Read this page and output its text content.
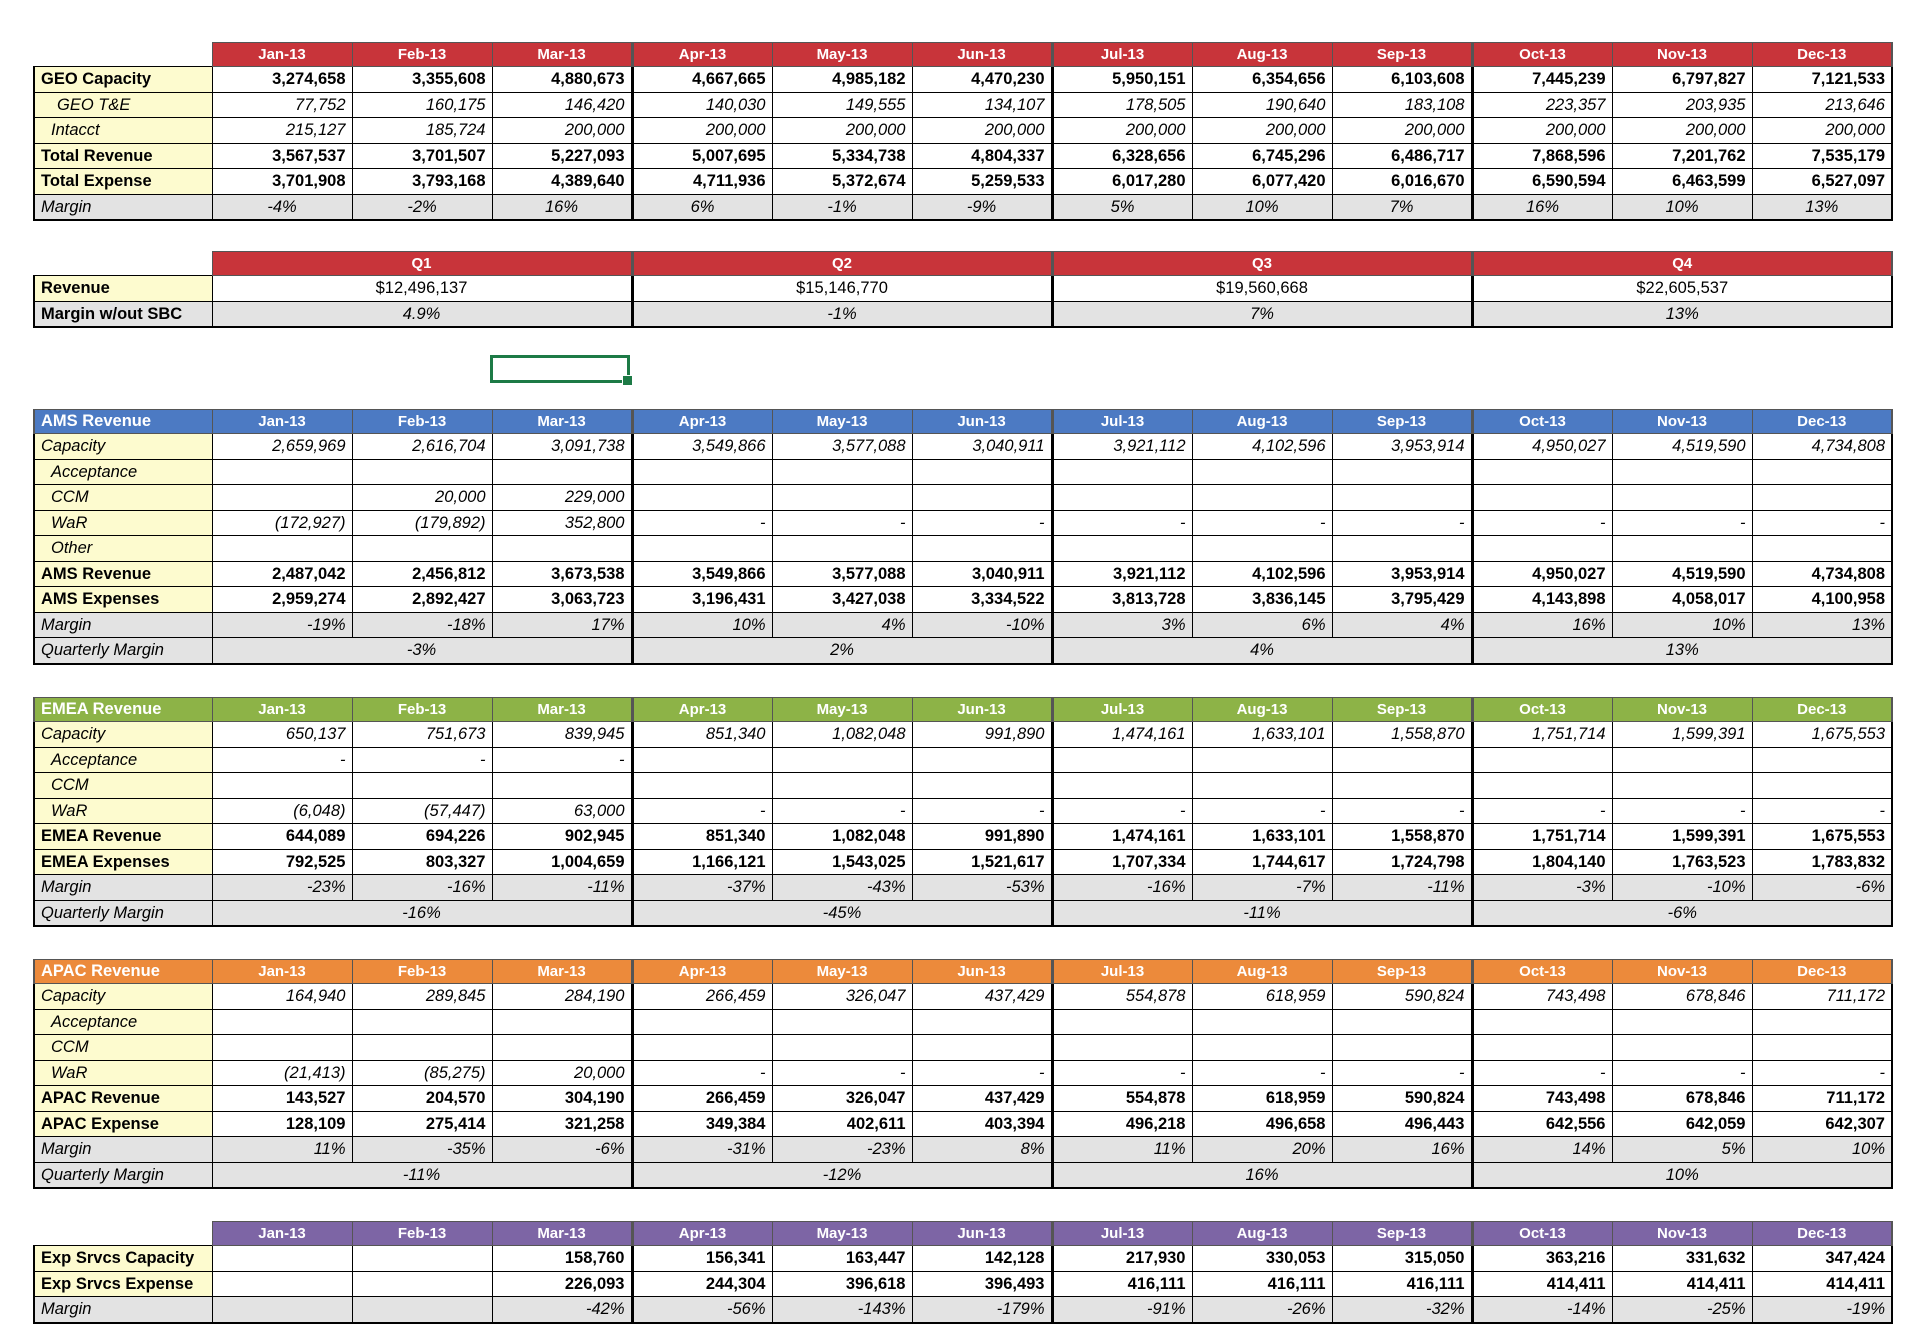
	Jan-13	Feb-13	Mar-13	Apr-13	May-13	Jun-13	Jul-13	Aug-13	Sep-13	Oct-13	Nov-13	Dec-13
GEO Capacity	3,274,658	3,355,608	4,880,673	4,667,665	4,985,182	4,470,230	5,950,151	6,354,656	6,103,608	7,445,239	6,797,827	7,121,533
GEO T&E	77,752	160,175	146,420	140,030	149,555	134,107	178,505	190,640	183,108	223,357	203,935	213,646
Intacct	215,127	185,724	200,000	200,000	200,000	200,000	200,000	200,000	200,000	200,000	200,000	200,000
Total Revenue	3,567,537	3,701,507	5,227,093	5,007,695	5,334,738	4,804,337	6,328,656	6,745,296	6,486,717	7,868,596	7,201,762	7,535,179
Total Expense	3,701,908	3,793,168	4,389,640	4,711,936	5,372,674	5,259,533	6,017,280	6,077,420	6,016,670	6,590,594	6,463,599	6,527,097
Margin	-4%	-2%	16%	6%	-1%	-9%	5%	10%	7%	16%	10%	13%
	Q1	Q2	Q3	Q4
Revenue	$12,496,137	$15,146,770	$19,560,668	$22,605,537
Margin w/out SBC	4.9%	-1%	7%	13%
AMS Revenue	Jan-13	Feb-13	Mar-13	Apr-13	May-13	Jun-13	Jul-13	Aug-13	Sep-13	Oct-13	Nov-13	Dec-13
Capacity	2,659,969	2,616,704	3,091,738	3,549,866	3,577,088	3,040,911	3,921,112	4,102,596	3,953,914	4,950,027	4,519,590	4,734,808
Acceptance												
CCM		20,000	229,000									
WaR	(172,927)	(179,892)	352,800	-	-	-	-	-	-	-	-	-
Other												
AMS Revenue	2,487,042	2,456,812	3,673,538	3,549,866	3,577,088	3,040,911	3,921,112	4,102,596	3,953,914	4,950,027	4,519,590	4,734,808
AMS Expenses	2,959,274	2,892,427	3,063,723	3,196,431	3,427,038	3,334,522	3,813,728	3,836,145	3,795,429	4,143,898	4,058,017	4,100,958
Margin	-19%	-18%	17%	10%	4%	-10%	3%	6%	4%	16%	10%	13%
Quarterly Margin	-3%			2%			4%			13%		
EMEA Revenue	Jan-13	Feb-13	Mar-13	Apr-13	May-13	Jun-13	Jul-13	Aug-13	Sep-13	Oct-13	Nov-13	Dec-13
Capacity	650,137	751,673	839,945	851,340	1,082,048	991,890	1,474,161	1,633,101	1,558,870	1,751,714	1,599,391	1,675,553
Acceptance	-	-	-									
CCM												
WaR	(6,048)	(57,447)	63,000	-	-	-	-	-	-	-	-	-
EMEA Revenue	644,089	694,226	902,945	851,340	1,082,048	991,890	1,474,161	1,633,101	1,558,870	1,751,714	1,599,391	1,675,553
EMEA Expenses	792,525	803,327	1,004,659	1,166,121	1,543,025	1,521,617	1,707,334	1,744,617	1,724,798	1,804,140	1,763,523	1,783,832
Margin	-23%	-16%	-11%	-37%	-43%	-53%	-16%	-7%	-11%	-3%	-10%	-6%
Quarterly Margin	-16%			-45%			-11%			-6%		
APAC Revenue	Jan-13	Feb-13	Mar-13	Apr-13	May-13	Jun-13	Jul-13	Aug-13	Sep-13	Oct-13	Nov-13	Dec-13
Capacity	164,940	289,845	284,190	266,459	326,047	437,429	554,878	618,959	590,824	743,498	678,846	711,172
Acceptance												
CCM												
WaR	(21,413)	(85,275)	20,000	-	-	-	-	-	-	-	-	-
APAC Revenue	143,527	204,570	304,190	266,459	326,047	437,429	554,878	618,959	590,824	743,498	678,846	711,172
APAC Expense	128,109	275,414	321,258	349,384	402,611	403,394	496,218	496,658	496,443	642,556	642,059	642,307
Margin	11%	-35%	-6%	-31%	-23%	8%	11%	20%	16%	14%	5%	10%
Quarterly Margin	-11%			-12%			16%			10%		
	Jan-13	Feb-13	Mar-13	Apr-13	May-13	Jun-13	Jul-13	Aug-13	Sep-13	Oct-13	Nov-13	Dec-13
Exp Srvcs Capacity			158,760	156,341	163,447	142,128	217,930	330,053	315,050	363,216	331,632	347,424
Exp Srvcs Expense			226,093	244,304	396,618	396,493	416,111	416,111	416,111	414,411	414,411	414,411
Margin			-42%	-56%	-143%	-179%	-91%	-26%	-32%	-14%	-25%	-19%
